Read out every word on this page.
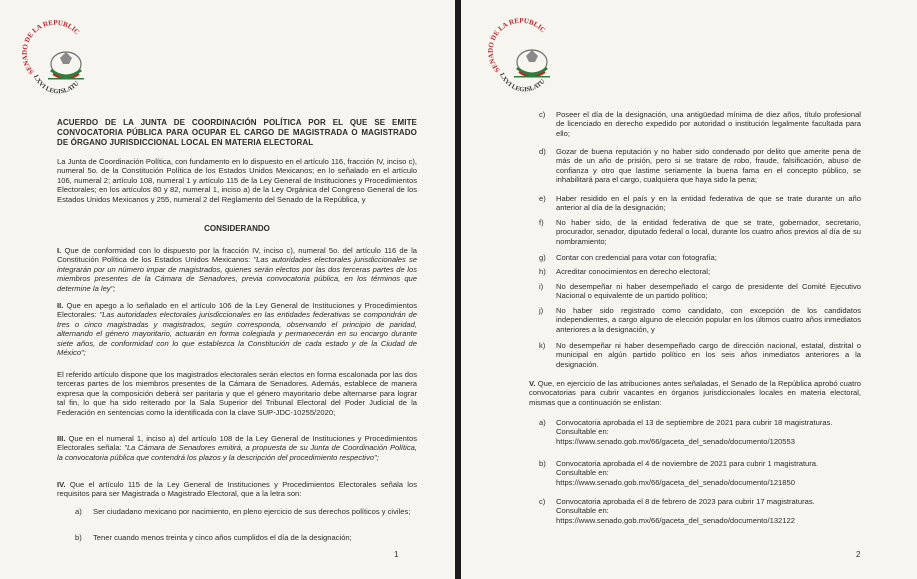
SENADO DE LA REPÚBLIC
LXVI LEGISLATU
ACUERDO DE LA JUNTA DE COORDINACIÓN POLÍTICA POR EL QUE SE EMITE CONVOCATORIA PÚBLICA PARA OCUPAR EL CARGO DE MAGISTRADA O MAGISTRADO DE ÓRGANO JURISDICCIONAL LOCAL EN MATERIA ELECTORAL
La Junta de Coordinación Política, con fundamento en lo dispuesto en el artículo 116, fracción IV, inciso c), numeral 5o. de la Constitución Política de los Estados Unidos Mexicanos; en lo señalado en el artículo 106, numeral 2; artículo 108, numeral 1 y artículo 115 de la Ley General de Instituciones y Procedimientos Electorales; en los artículos 80 y 82, numeral 1, inciso a) de la Ley Orgánica del Congreso General de los Estados Unidos Mexicanos y 255, numeral 2 del Reglamento del Senado de la República, y
CONSIDERANDO
I. Que de conformidad con lo dispuesto por la fracción IV, inciso c), numeral 5o. del artículo 116 de la Constitución Política de los Estados Unidos Mexicanos: "Las autoridades electorales jurisdiccionales se integrarán por un número impar de magistrados, quienes serán electos por las dos terceras partes de los miembros presentes de la Cámara de Senadores, previa convocatoria pública, en los términos que determine la ley";
II. Que en apego a lo señalado en el artículo 106 de la Ley General de Instituciones y Procedimientos Electorales: "Las autoridades electorales jurisdiccionales en las entidades federativas se compondrán de tres o cinco magistradas y magistrados, según corresponda, observando el principio de paridad, alternando el género mayoritario, actuarán en forma colegiada y permanecerán en su encargo durante siete años, de conformidad con lo que establezca la Constitución de cada estado y de la Ciudad de México";
El referido artículo dispone que los magistrados electorales serán electos en forma escalonada por las dos terceras partes de los miembros presentes de la Cámara de Senadores. Además, establece de manera expresa que la composición deberá ser paritaria y que el género mayoritario debe alternarse para lograr tal fin, lo que ha sido reiterado por la Sala Superior del Tribunal Electoral del Poder Judicial de la Federación en sentencias como la identificada con la clave SUP-JDC-10255/2020;
III. Que en el numeral 1, inciso a) del artículo 108 de la Ley General de Instituciones y Procedimientos Electorales señala: "La Cámara de Senadores emitirá, a propuesta de su Junta de Coordinación Política, la convocatoria pública que contendrá los plazos y la descripción del procedimiento respectivo";
IV. Que el artículo 115 de la Ley General de Instituciones y Procedimientos Electorales señala los requisitos para ser Magistrada o Magistrado Electoral, que a la letra son:
a) Ser ciudadano mexicano por nacimiento, en pleno ejercicio de sus derechos políticos y civiles;
b) Tener cuando menos treinta y cinco años cumplidos el día de la designación;
1
SENADO DE LA REPÚBLIC
LXVI LEGISLATU
c) Poseer el día de la designación, una antigüedad mínima de diez años, título profesional de licenciado en derecho expedido por autoridad o institución legalmente facultada para ello;
d) Gozar de buena reputación y no haber sido condenado por delito que amerite pena de más de un año de prisión, pero si se tratare de robo, fraude, falsificación, abuso de confianza y otro que lastime seriamente la buena fama en el concepto público, se inhabilitará para el cargo, cualquiera que haya sido la pena;
e) Haber residido en el país y en la entidad federativa de que se trate durante un año anterior al día de la designación;
f) No haber sido, de la entidad federativa de que se trate, gobernador, secretario, procurador, senador, diputado federal o local, durante los cuatro años previos al día de su nombramiento;
g) Contar con credencial para votar con fotografía;
h) Acreditar conocimientos en derecho electoral;
i) No desempeñar ni haber desempeñado el cargo de presidente del Comité Ejecutivo Nacional o equivalente de un partido político;
j) No haber sido registrado como candidato, con excepción de los candidatos independientes, a cargo alguno de elección popular en los últimos cuatro años inmediatos anteriores a la designación, y
k) No desempeñar ni haber desempeñado cargo de dirección nacional, estatal, distrital o municipal en algún partido político en los seis años inmediatos anteriores a la designación.
V. Que, en ejercicio de las atribuciones antes señaladas, el Senado de la República aprobó cuatro convocatorias para cubrir vacantes en órganos jurisdiccionales locales en materia electoral, mismas que a continuación se enlistan:
a) Convocatoria aprobada el 13 de septiembre de 2021 para cubrir 18 magistraturas.
Consultable en:
https://www.senado.gob.mx/66/gaceta_del_senado/documento/120553
b) Convocatoria aprobada el 4 de noviembre de 2021 para cubrir 1 magistratura.
Consultable en:
https://www.senado.gob.mx/66/gaceta_del_senado/documento/121850
c) Convocatoria aprobada el 8 de febrero de 2023 para cubrir 17 magistraturas.
Consultable en:
https://www.senado.gob.mx/66/gaceta_del_senado/documento/132122
2
